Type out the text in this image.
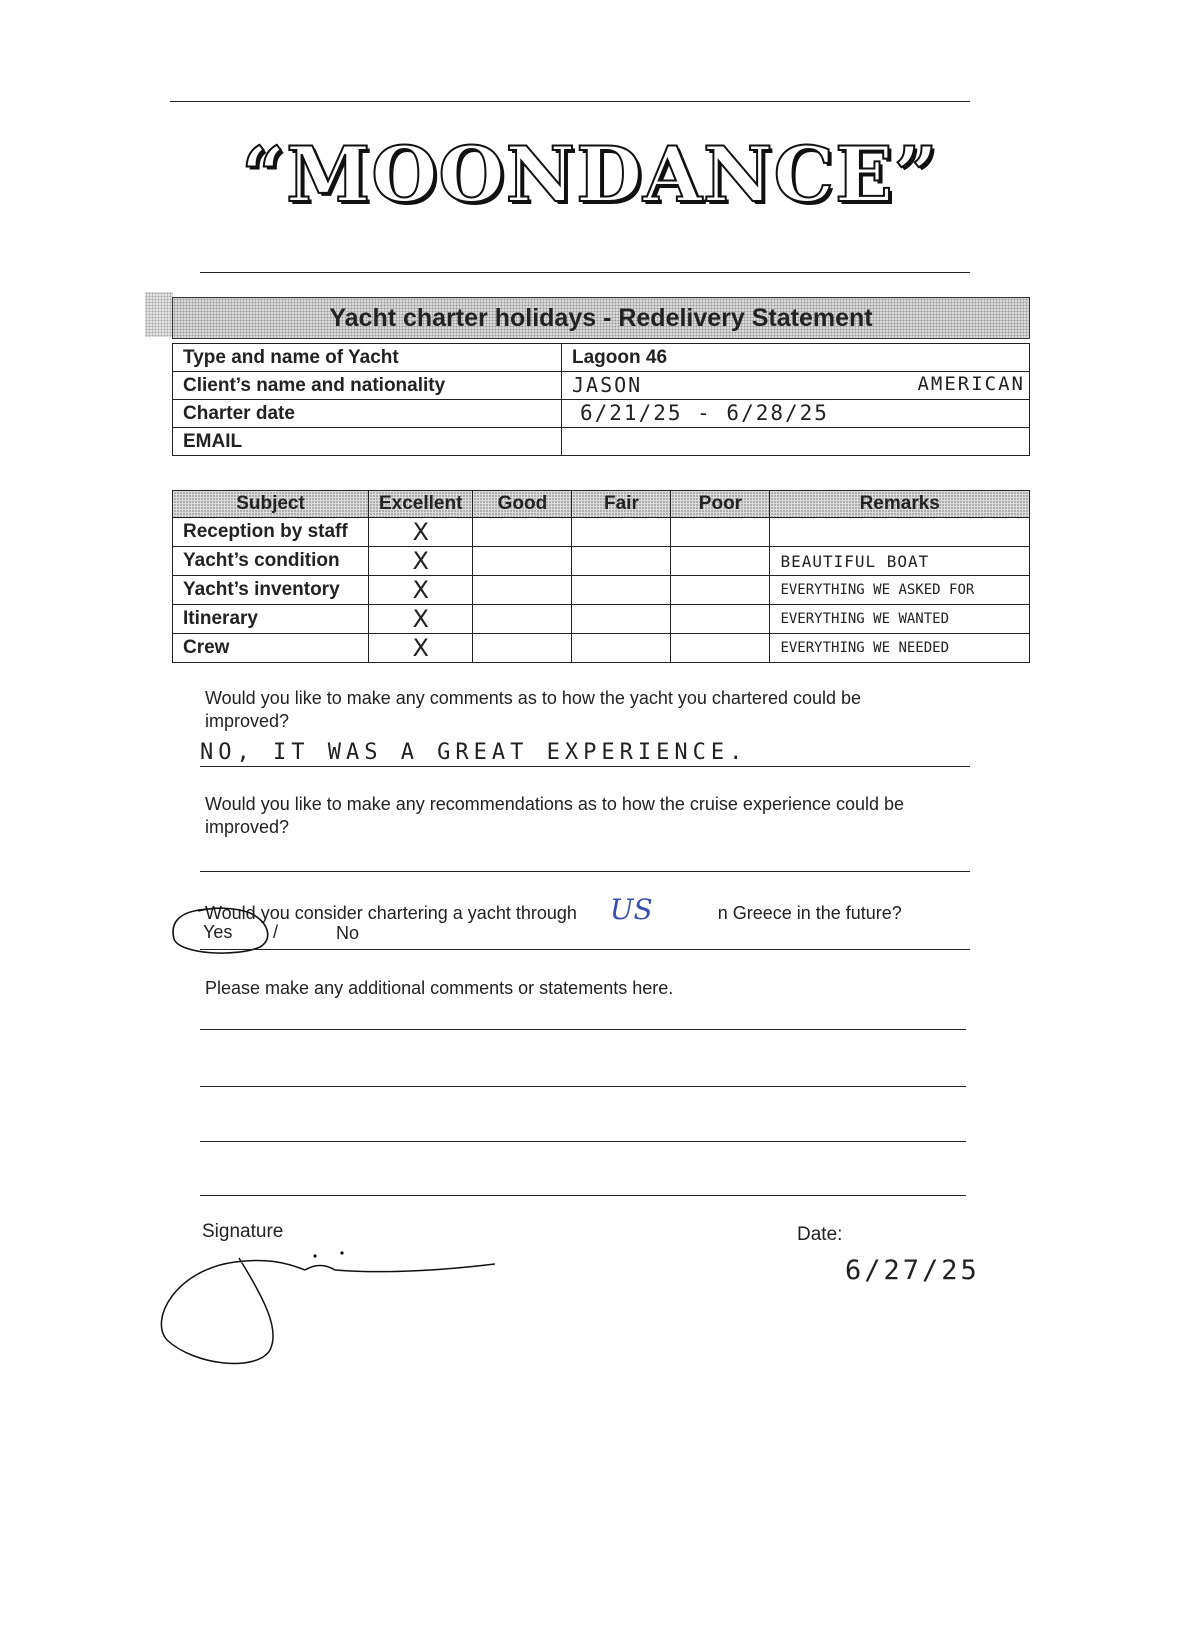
“MOONDANCE”
Yacht charter holidays - Redelivery Statement
Type and name of Yacht	Lagoon 46
Client’s name and nationality	JASON AMERICAN

Charter date	6/21/25 - 6/28/25
EMAIL	
Subject	Excellent	Good	Fair	Poor	Remarks
Reception by staff	X				
Yacht’s condition	X				BEAUTIFUL BOAT
Yacht’s inventory	X				EVERYTHING WE ASKED FOR
Itinerary	X				EVERYTHING WE WANTED
Crew	X				EVERYTHING WE NEEDED
Would you like to make any comments as to how the yacht you chartered could be improved?
NO, IT WAS A GREAT EXPERIENCE.
Would you like to make any recommendations as to how the cruise experience could be improved?
Would you consider chartering a yacht through US	n Greece in the future?
Yes /	No
Please make any additional comments or statements here.
Signature	Date:
6/27/25
